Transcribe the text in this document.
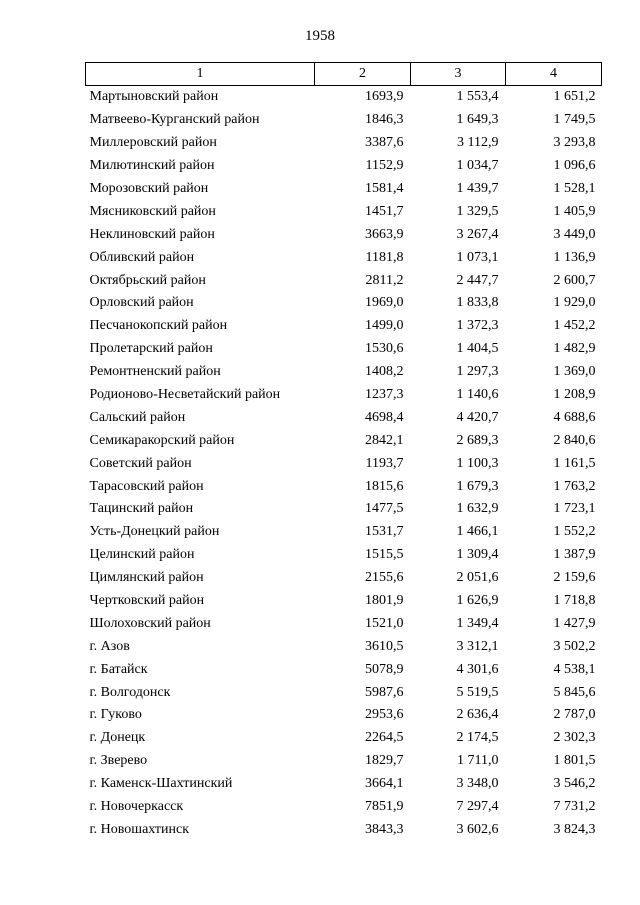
1958
1	2	3	4
Мартыновский район	1693,9	1 553,4	1 651,2
Матвеево-Курганский район	1846,3	1 649,3	1 749,5
Миллеровский район	3387,6	3 112,9	3 293,8
Милютинский район	1152,9	1 034,7	1 096,6
Морозовский район	1581,4	1 439,7	1 528,1
Мясниковский район	1451,7	1 329,5	1 405,9
Неклиновский район	3663,9	3 267,4	3 449,0
Обливский район	1181,8	1 073,1	1 136,9
Октябрьский район	2811,2	2 447,7	2 600,7
Орловский район	1969,0	1 833,8	1 929,0
Песчанокопский район	1499,0	1 372,3	1 452,2
Пролетарский район	1530,6	1 404,5	1 482,9
Ремонтненский район	1408,2	1 297,3	1 369,0
Родионово-Несветайский район	1237,3	1 140,6	1 208,9
Сальский район	4698,4	4 420,7	4 688,6
Семикаракорский район	2842,1	2 689,3	2 840,6
Советский район	1193,7	1 100,3	1 161,5
Тарасовский район	1815,6	1 679,3	1 763,2
Тацинский район	1477,5	1 632,9	1 723,1
Усть-Донецкий район	1531,7	1 466,1	1 552,2
Целинский район	1515,5	1 309,4	1 387,9
Цимлянский район	2155,6	2 051,6	2 159,6
Чертковский район	1801,9	1 626,9	1 718,8
Шолоховский район	1521,0	1 349,4	1 427,9
г. Азов	3610,5	3 312,1	3 502,2
г. Батайск	5078,9	4 301,6	4 538,1
г. Волгодонск	5987,6	5 519,5	5 845,6
г. Гуково	2953,6	2 636,4	2 787,0
г. Донецк	2264,5	2 174,5	2 302,3
г. Зверево	1829,7	1 711,0	1 801,5
г. Каменск-Шахтинский	3664,1	3 348,0	3 546,2
г. Новочеркасск	7851,9	7 297,4	7 731,2
г. Новошахтинск	3843,3	3 602,6	3 824,3
